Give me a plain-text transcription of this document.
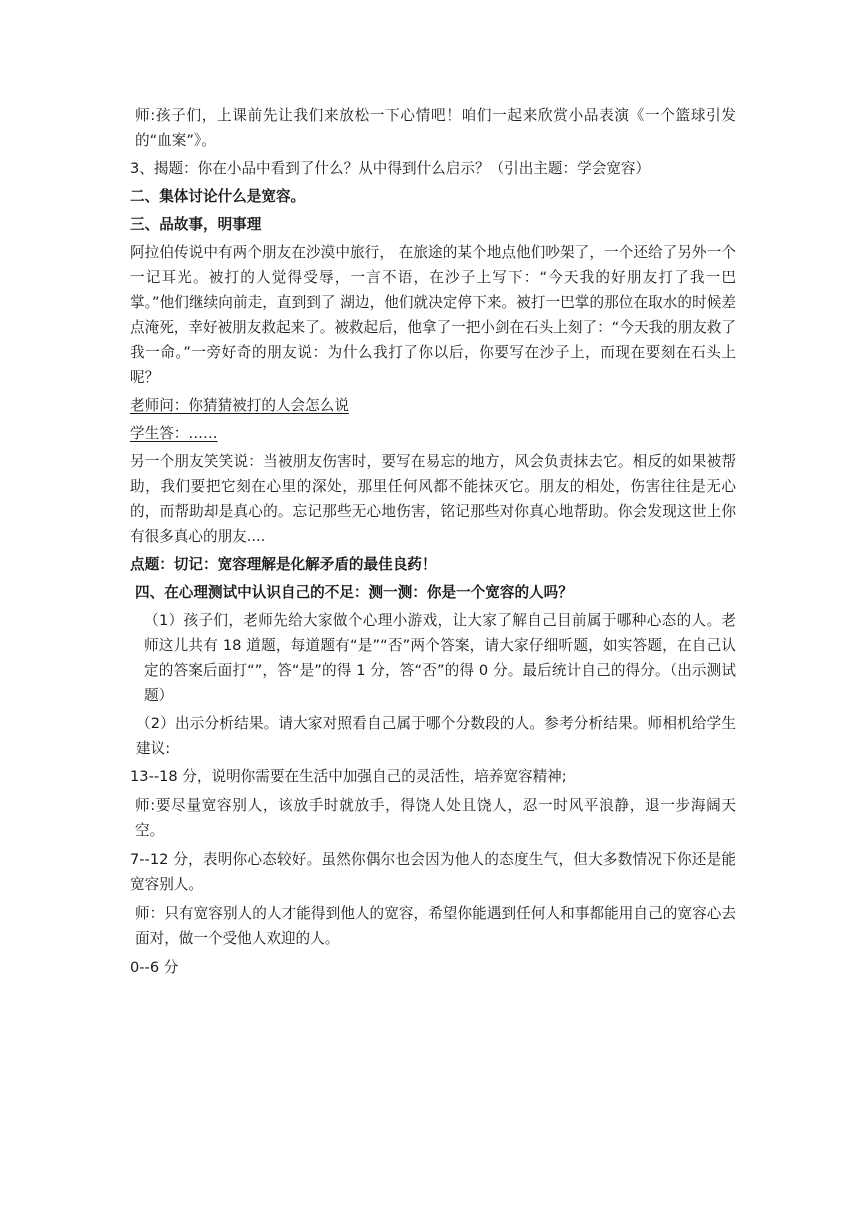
师:孩子们，上课前先让我们来放松一下心情吧！咱们一起来欣赏小品表演《一个篮球引发的“血案”》。

3、揭题：你在小品中看到了什么？从中得到什么启示？（引出主题：学会宽容）

二、集体讨论什么是宽容。

三、品故事，明事理

阿拉伯传说中有两个朋友在沙漠中旅行， 在旅途的某个地点他们吵架了，一个还给了另外一个一记耳光。被打的人觉得受辱，一言不语，在沙子上写下：“今天我的好朋友打了我一巴掌。”他们继续向前走，直到到了 湖边，他们就决定停下来。被打一巴掌的那位在取水的时候差点淹死，幸好被朋友救起来了。被救起后，他拿了一把小剑在石头上刻了：“今天我的朋友救了我一命。”一旁好奇的朋友说：为什么我打了你以后，你要写在沙子上，而现在要刻在石头上呢？

老师问：你猜猜被打的人会怎么说

学生答：……

另一个朋友笑笑说：当被朋友伤害时，要写在易忘的地方，风会负责抹去它。相反的如果被帮助，我们要把它刻在心里的深处，那里任何风都不能抹灭它。朋友的相处，伤害往往是无心的，而帮助却是真心的。忘记那些无心地伤害，铭记那些对你真心地帮助。你会发现这世上你有很多真心的朋友....

点题：切记：宽容理解是化解矛盾的最佳良药！

四、在心理测试中认识自己的不足：测一测：你是一个宽容的人吗？

（1）孩子们，老师先给大家做个心理小游戏，让大家了解自己目前属于哪种心态的人。老师这儿共有 18 道题，每道题有“是”“否”两个答案，请大家仔细听题，如实答题，在自己认定的答案后面打“”，答“是”的得 1 分，答“否”的得 0 分。最后统计自己的得分。（出示测试题）

（2）出示分析结果。请大家对照看自己属于哪个分数段的人。参考分析结果。师相机给学生建议:

13--18 分，说明你需要在生活中加强自己的灵活性，培养宽容精神;

师:要尽量宽容别人，该放手时就放手，得饶人处且饶人，忍一时风平浪静，退一步海阔天空。

7--12 分，表明你心态较好。虽然你偶尔也会因为他人的态度生气，但大多数情况下你还是能宽容别人。

师：只有宽容别人的人才能得到他人的宽容，希望你能遇到任何人和事都能用自己的宽容心去面对，做一个受他人欢迎的人。

0--6 分
